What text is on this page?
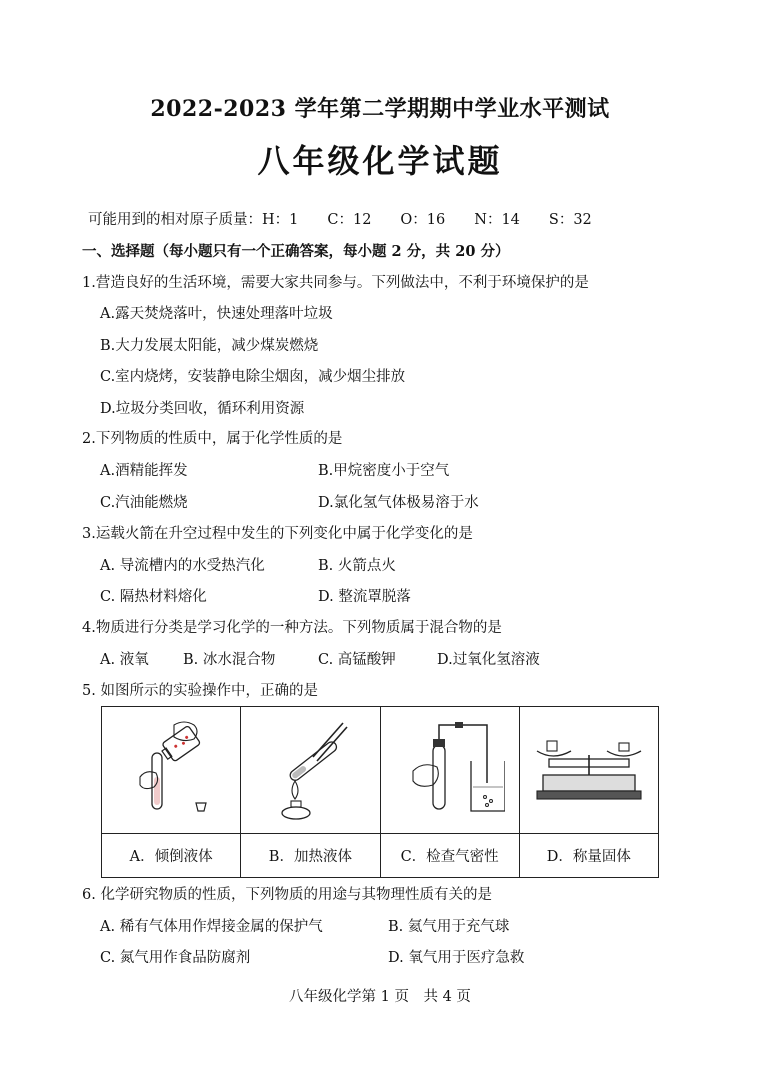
2022-2023 学年第二学期期中学业水平测试
八年级化学试题
可能用到的相对原子质量：H：1　　C：12　　O：16　　N：14　　S：32
一、选择题（每小题只有一个正确答案，每小题 2 分，共 20 分）
1.营造良好的生活环境，需要大家共同参与。下列做法中，不利于环境保护的是
A.露天焚烧落叶，快速处理落叶垃圾
B.大力发展太阳能，减少煤炭燃烧
C.室内烧烤，安装静电除尘烟囱，减少烟尘排放
D.垃圾分类回收，循环利用资源
2.下列物质的性质中，属于化学性质的是
A.酒精能挥发	B.甲烷密度小于空气
C.汽油能燃烧	D.氯化氢气体极易溶于水
3.运载火箭在升空过程中发生的下列变化中属于化学变化的是
A. 导流槽内的水受热汽化	B. 火箭点火
C. 隔热材料熔化	D. 整流罩脱落
4.物质进行分类是学习化学的一种方法。下列物质属于混合物的是
A. 液氧 B. 冰水混合物	C. 高锰酸钾	D.过氧化氢溶液
5. 如图所示的实验操作中，正确的是

A．倾倒液体	B．加热液体	C．检查气密性	D．称量固体
6. 化学研究物质的性质，下列物质的用途与其物理性质有关的是
A. 稀有气体用作焊接金属的保护气	B. 氦气用于充气球
C. 氮气用作食品防腐剂	D. 氧气用于医疗急救
八年级化学第 1 页　共 4 页
